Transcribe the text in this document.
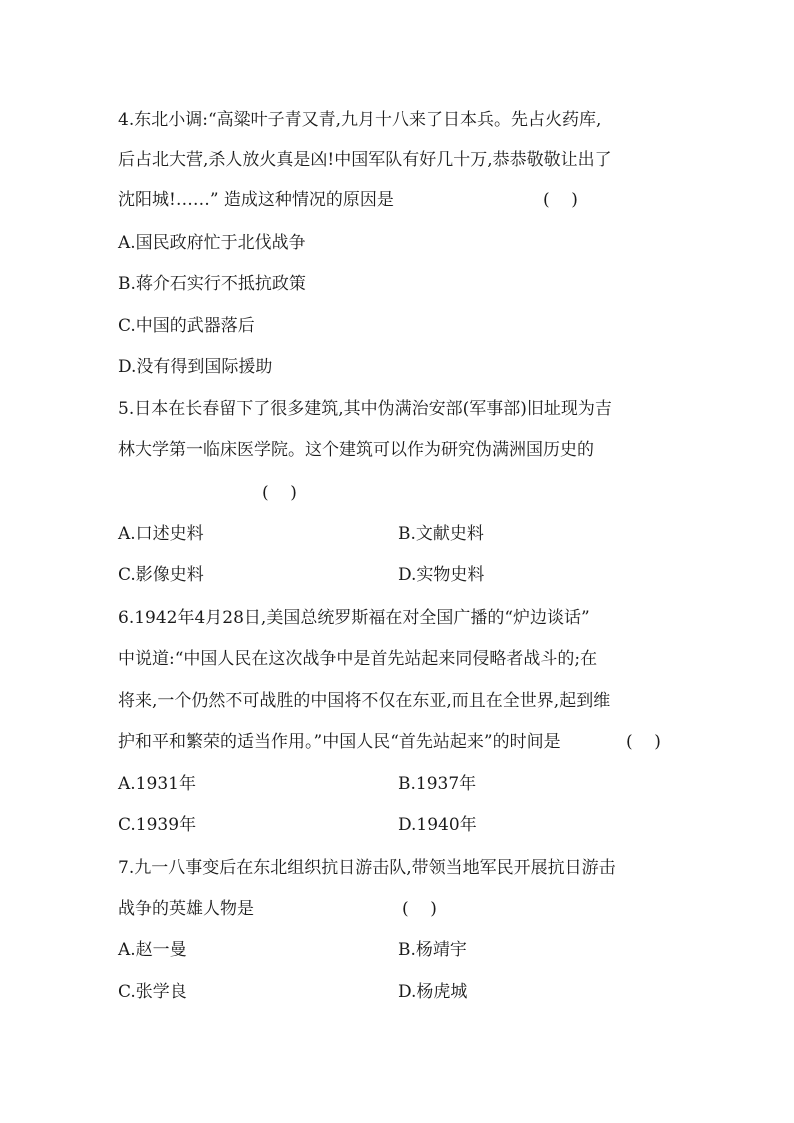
4.东北小调:“高粱叶子青又青,九月十八来了日本兵。先占火药库,
后占北大营,杀人放火真是凶!中国军队有好几十万,恭恭敬敬让出了
沈阳城!……” 造成这种情况的原因是	(    )
A.国民政府忙于北伐战争
B.蒋介石实行不抵抗政策
C.中国的武器落后
D.没有得到国际援助
5.日本在长春留下了很多建筑,其中伪满治安部(军事部)旧址现为吉
林大学第一临床医学院。这个建筑可以作为研究伪满洲国历史的
(    )
A.口述史料	B.文献史料
C.影像史料	D.实物史料
6.1942年4月28日,美国总统罗斯福在对全国广播的“炉边谈话”
中说道:“中国人民在这次战争中是首先站起来同侵略者战斗的;在
将来,一个仍然不可战胜的中国将不仅在东亚,而且在全世界,起到维
护和平和繁荣的适当作用。”中国人民“首先站起来”的时间是	(    )
A.1931年	B.1937年
C.1939年	D.1940年
7.九一八事变后在东北组织抗日游击队,带领当地军民开展抗日游击
战争的英雄人物是	(    )
A.赵一曼	B.杨靖宇
C.张学良	D.杨虎城
